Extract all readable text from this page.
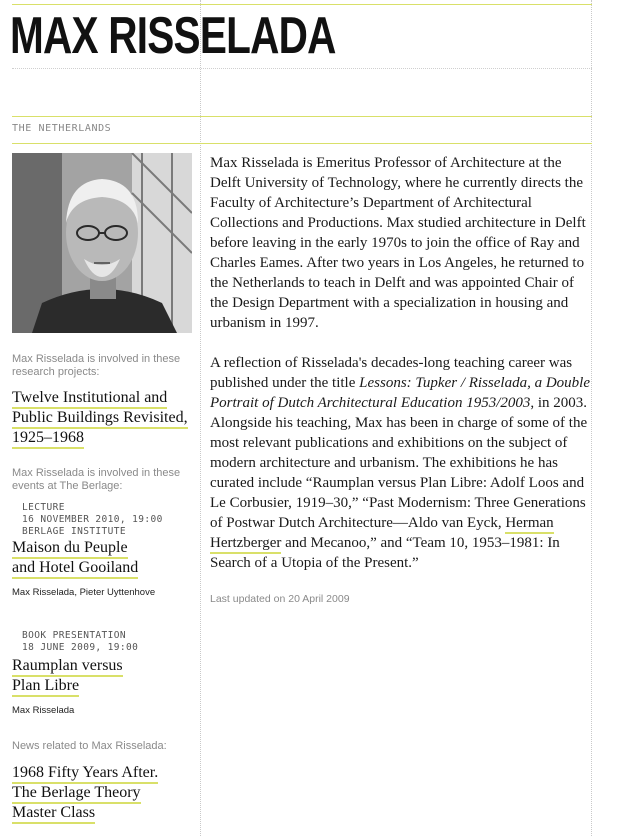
MAX RISSELADA
THE NETHERLANDS
Max Risselada is involved in these research projects:
Twelve Institutional and Public Buildings Revisited, 1925–1968
Max Risselada is involved in these events at The Berlage:
LECTURE
16 NOVEMBER 2010, 19:00
BERLAGE INSTITUTE
Maison du Peuple
and Hotel Gooiland
Max Risselada, Pieter Uyttenhove
BOOK PRESENTATION
18 JUNE 2009, 19:00
Raumplan versus
Plan Libre
Max Risselada
News related to Max Risselada:
1968 Fifty Years After.
The Berlage Theory
Master Class

Max Risselada is Emeritus Professor of Architecture at the Delft University of Technology, where he currently directs the Faculty of Architecture’s Department of Architectural Collections and Productions. Max studied architecture in Delft before leaving in the early 1970s to join the office of Ray and Charles Eames. After two years in Los Angeles, he returned to the Netherlands to teach in Delft and was appointed Chair of the Design Department with a specialization in housing and urbanism in 1997.

A reflection of Risselada's decades-long teaching career was published under the title Lessons: Tupker / Risselada, a Double Portrait of Dutch Architectural Education 1953/2003, in 2003. Alongside his teaching, Max has been in charge of some of the most relevant publications and exhibitions on the subject of modern architecture and urbanism. The exhibitions he has curated include “Raumplan versus Plan Libre: Adolf Loos and Le Corbusier, 1919–30,” “Past Modernism: Three Generations of Postwar Dutch Architecture—Aldo van Eyck, Herman Hertzberger and Mecanoo,” and “Team 10, 1953–1981: In Search of a Utopia of the Present.”

Last updated on 20 April 2009
